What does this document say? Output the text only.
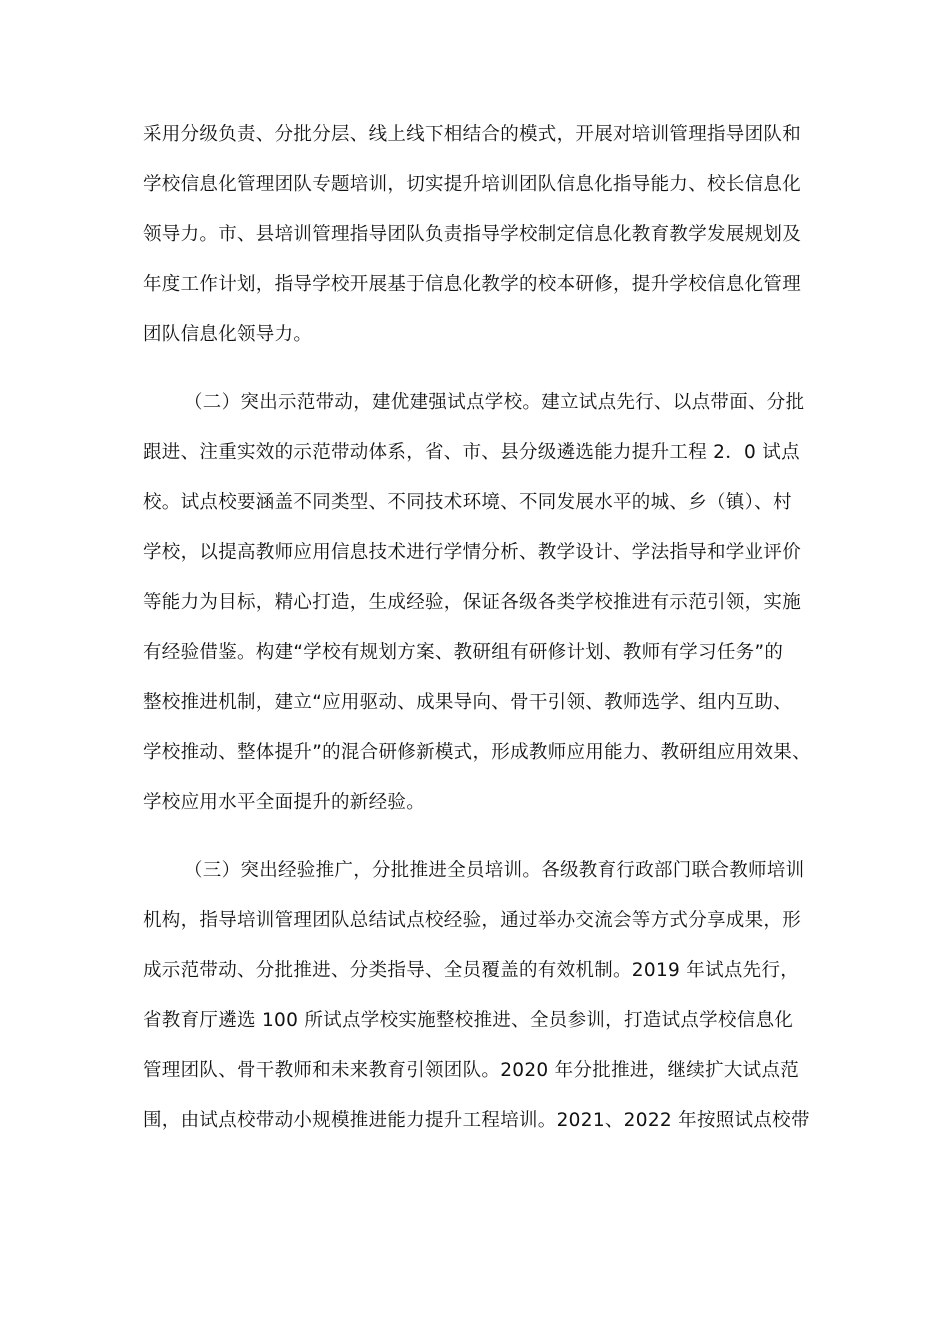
采用分级负责、分批分层、线上线下相结合的模式，开展对培训管理指导团队和
学校信息化管理团队专题培训，切实提升培训团队信息化指导能力、校长信息化
领导力。市、县培训管理指导团队负责指导学校制定信息化教育教学发展规划及
年度工作计划，指导学校开展基于信息化教学的校本研修，提升学校信息化管理
团队信息化领导力。
（二）突出示范带动，建优建强试点学校。建立试点先行、以点带面、分批
跟进、注重实效的示范带动体系，省、市、县分级遴选能力提升工程 2．0 试点
校。试点校要涵盖不同类型、不同技术环境、不同发展水平的城、乡（镇）、村
学校，以提高教师应用信息技术进行学情分析、教学设计、学法指导和学业评价
等能力为目标，精心打造，生成经验，保证各级各类学校推进有示范引领，实施
有经验借鉴。构建“学校有规划方案、教研组有研修计划、教师有学习任务”的
整校推进机制，建立“应用驱动、成果导向、骨干引领、教师选学、组内互助、
学校推动、整体提升”的混合研修新模式，形成教师应用能力、教研组应用效果、
学校应用水平全面提升的新经验。
（三）突出经验推广，分批推进全员培训。各级教育行政部门联合教师培训
机构，指导培训管理团队总结试点校经验，通过举办交流会等方式分享成果，形
成示范带动、分批推进、分类指导、全员覆盖的有效机制。2019 年试点先行，
省教育厅遴选 100 所试点学校实施整校推进、全员参训，打造试点学校信息化
管理团队、骨干教师和未来教育引领团队。2020 年分批推进，继续扩大试点范
围，由试点校带动小规模推进能力提升工程培训。2021、2022 年按照试点校带
